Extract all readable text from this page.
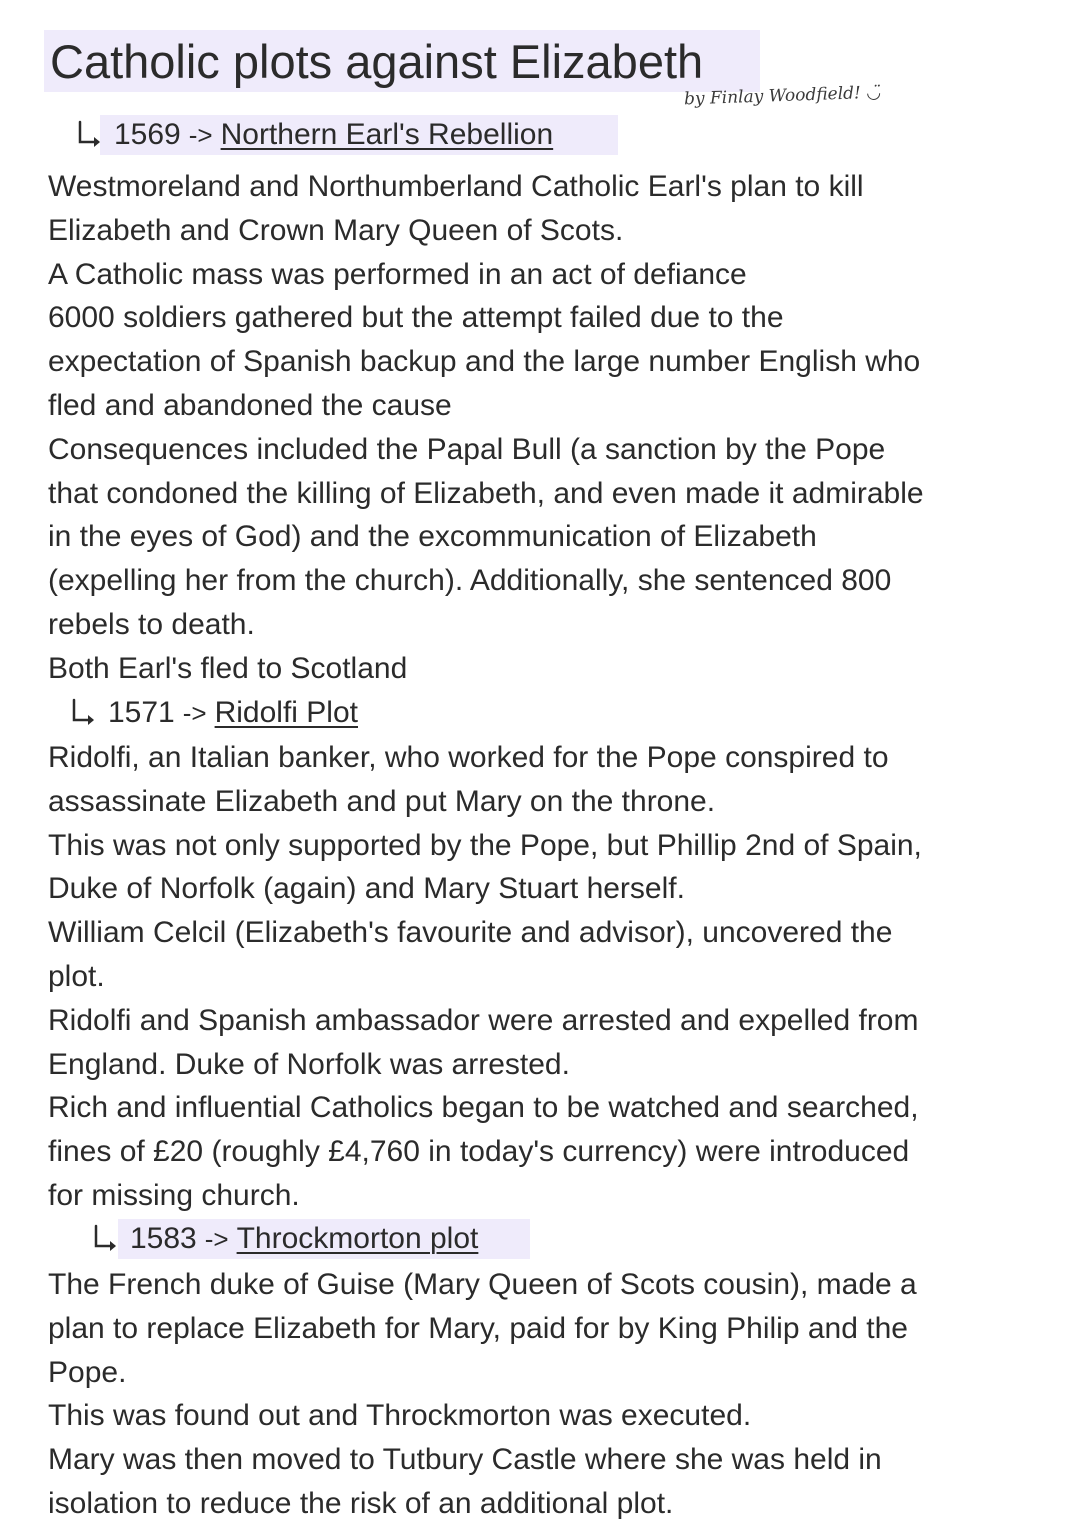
Catholic plots against Elizabeth
by Finlay Woodfield! ◡̈
1569 -> Northern Earl's Rebellion
Westmoreland and Northumberland Catholic Earl's plan to kill
Elizabeth and Crown Mary Queen of Scots.
A Catholic mass was performed in an act of defiance
6000 soldiers gathered but the attempt failed due to the
expectation of Spanish backup and the large number English who
fled and abandoned the cause
Consequences included the Papal Bull (a sanction by the Pope
that condoned the killing of Elizabeth, and even made it admirable
in the eyes of God) and the excommunication of Elizabeth
(expelling her from the church). Additionally, she sentenced 800
rebels to death.
Both Earl's fled to Scotland
1571 -> Ridolfi Plot
Ridolfi, an Italian banker, who worked for the Pope conspired to
assassinate Elizabeth and put Mary on the throne.
This was not only supported by the Pope, but Phillip 2nd of Spain,
Duke of Norfolk (again) and Mary Stuart herself.
William Celcil (Elizabeth's favourite and advisor), uncovered the
plot.
Ridolfi and Spanish ambassador were arrested and expelled from
England. Duke of Norfolk was arrested.
Rich and influential Catholics began to be watched and searched,
fines of £20 (roughly £4,760 in today's currency) were introduced
for missing church.
1583 -> Throckmorton plot
The French duke of Guise (Mary Queen of Scots cousin), made a
plan to replace Elizabeth for Mary, paid for by King Philip and the
Pope.
This was found out and Throckmorton was executed.
Mary was then moved to Tutbury Castle where she was held in
isolation to reduce the risk of an additional plot.
